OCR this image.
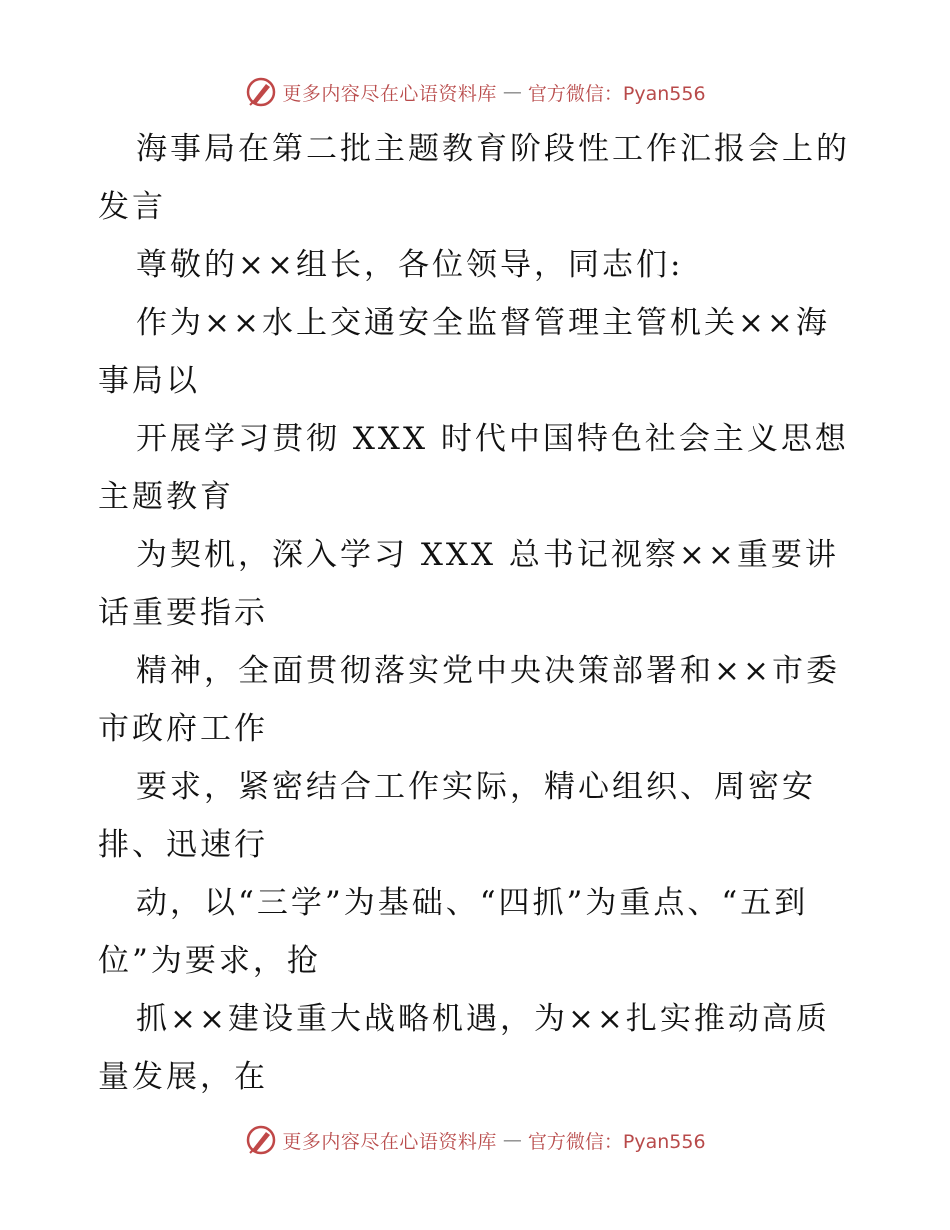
更多内容尽在心语资料库 — 官方微信：Pyan556

海事局在第二批主题教育阶段性工作汇报会上的发言

尊敬的××组长，各位领导，同志们:

作为××水上交通安全监督管理主管机关××海事局以

开展学习贯彻 XXX 时代中国特色社会主义思想主题教育

为契机，深入学习 XXX 总书记视察××重要讲话重要指示

精神，全面贯彻落实党中央决策部署和××市委市政府工作

要求，紧密结合工作实际，精心组织、周密安排、迅速行

动，以“三学”为基础、“四抓”为重点、“五到位”为要求，抢

抓××建设重大战略机遇，为××扎实推动高质量发展，在

更多内容尽在心语资料库 — 官方微信：Pyan556
